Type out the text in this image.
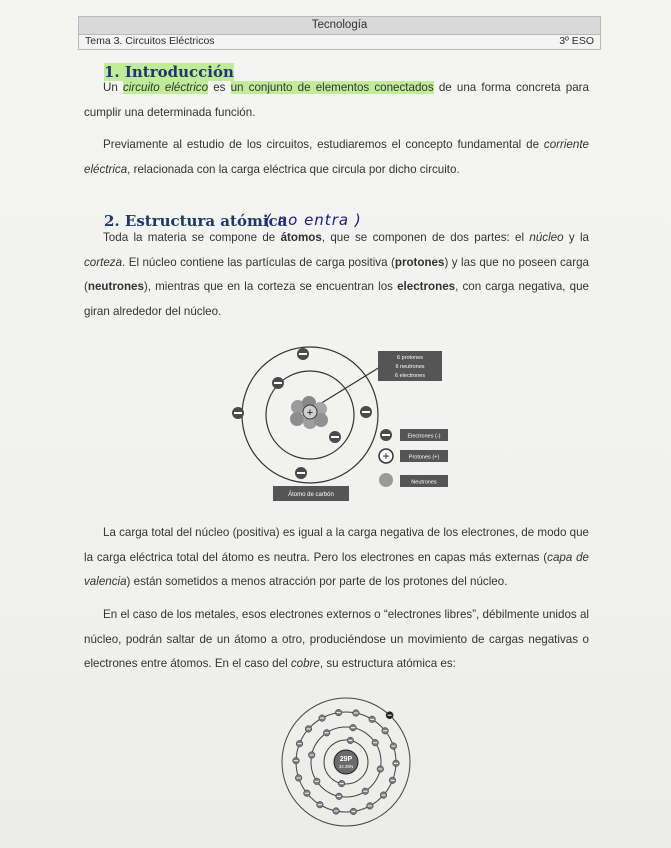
Tecnología
Tema 3. Circuitos Eléctricos	3º ESO
1. Introducción
Un circuito eléctrico es un conjunto de elementos conectados de una forma concreta para cumplir una determinada función.
Previamente al estudio de los circuitos, estudiaremos el concepto fundamental de corriente eléctrica, relacionada con la carga eléctrica que circula por dicho circuito.
2. Estructura atómica
( no entra )
Toda la materia se compone de átomos, que se componen de dos partes: el núcleo y la corteza. El núcleo contiene las partículas de carga positiva (protones) y las que no poseen carga (neutrones), mientras que en la corteza se encuentran los electrones, con carga negativa, que giran alrededor del núcleo.
+
6 protones
6 neutrones
6 electrones
Electrones (-)
+	Protones (+)
Neutrones
Átomo de carbón
La carga total del núcleo (positiva) es igual a la carga negativa de los electrones, de modo que la carga eléctrica total del átomo es neutra. Pero los electrones en capas más externas (capa de valencia) están sometidos a menos atracción por parte de los protones del núcleo.
En el caso de los metales, esos electrones externos o “electrones libres”, débilmente unidos al núcleo, podrán saltar de un átomo a otro, produciéndose un movimiento de cargas negativas o electrones entre átomos. En el caso del cobre, su estructura atómica es:
29P
34.30N
